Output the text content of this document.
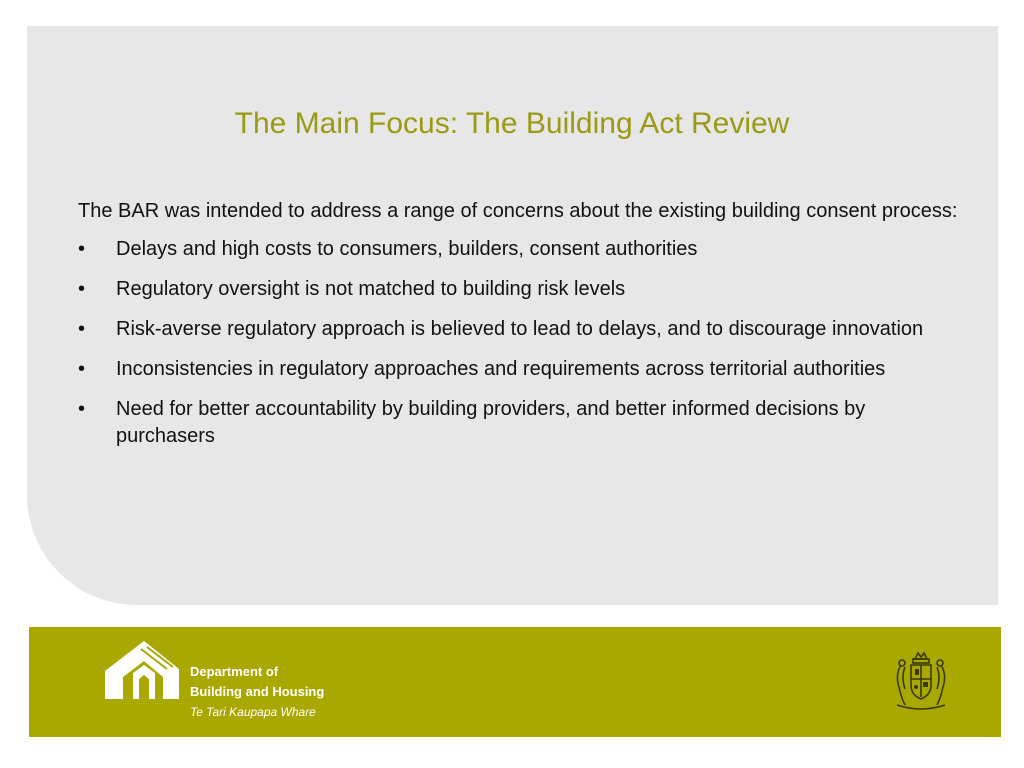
The Main Focus: The Building Act Review

The BAR was intended to address a range of concerns about the existing building consent process:

• Delays and high costs to consumers, builders, consent authorities
• Regulatory oversight is not matched to building risk levels
• Risk-averse regulatory approach is believed to lead to delays, and to discourage innovation
• Inconsistencies in regulatory approaches and requirements across territorial authorities
• Need for better accountability by building providers, and better informed decisions by purchasers
Department of
Building and Housing
Te Tari Kaupapa Whare
